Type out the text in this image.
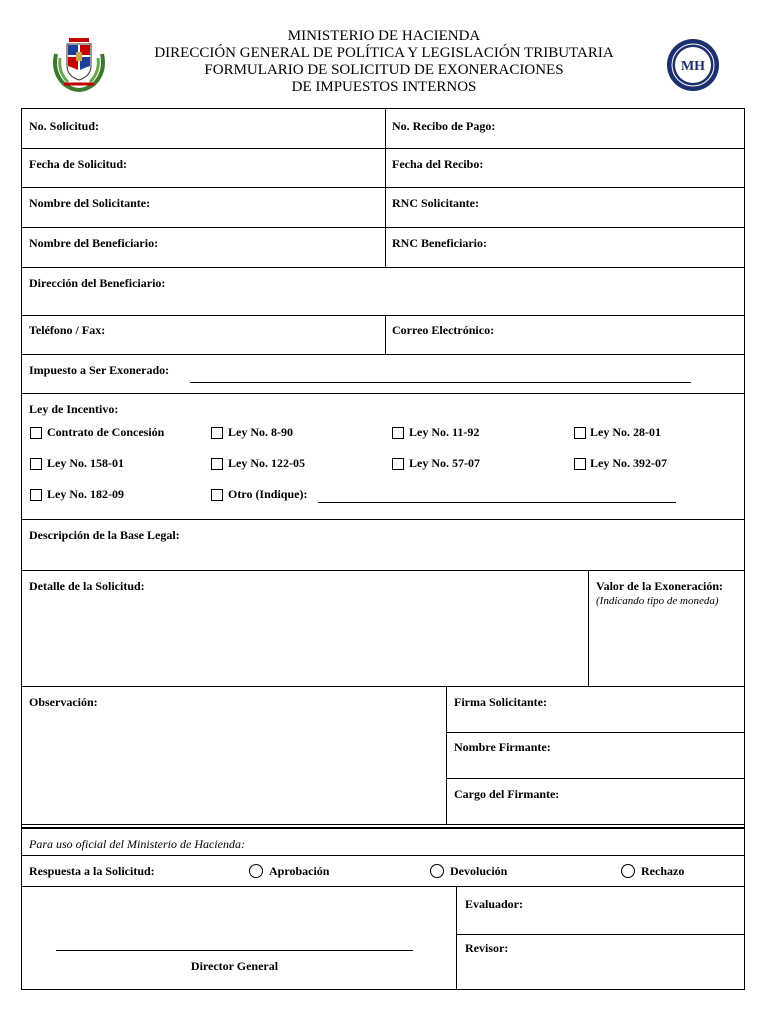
MINISTERIO DE HACIENDA
DIRECCIÓN GENERAL DE POLÍTICA Y LEGISLACIÓN TRIBUTARIA
FORMULARIO DE SOLICITUD DE EXONERACIONES
DE IMPUESTOS INTERNOS
MH
No. Solicitud:	No. Recibo de Pago:
Fecha de Solicitud:	Fecha del Recibo:
Nombre del Solicitante:	RNC Solicitante:
Nombre del Beneficiario:	RNC Beneficiario:
Dirección del Beneficiario:
Teléfono / Fax:	Correo Electrónico:
Impuesto a Ser Exonerado:
Ley de Incentivo:
Contrato de Concesión	Ley No. 8-90	Ley No. 11-92	Ley No. 28-01
Ley No. 158-01	Ley No. 122-05	Ley No. 57-07	Ley No. 392-07
Ley No. 182-09	Otro (Indique):
Descripción de la Base Legal:
Detalle de la Solicitud:	Valor de la Exoneración:
(Indicando tipo de moneda)
Observación:	Firma Solicitante:
Nombre Firmante:
Cargo del Firmante:
Para uso oficial del Ministerio de Hacienda:
Respuesta a la Solicitud:	Aprobación	Devolución	Rechazo
Director General
Evaluador:
Revisor:
